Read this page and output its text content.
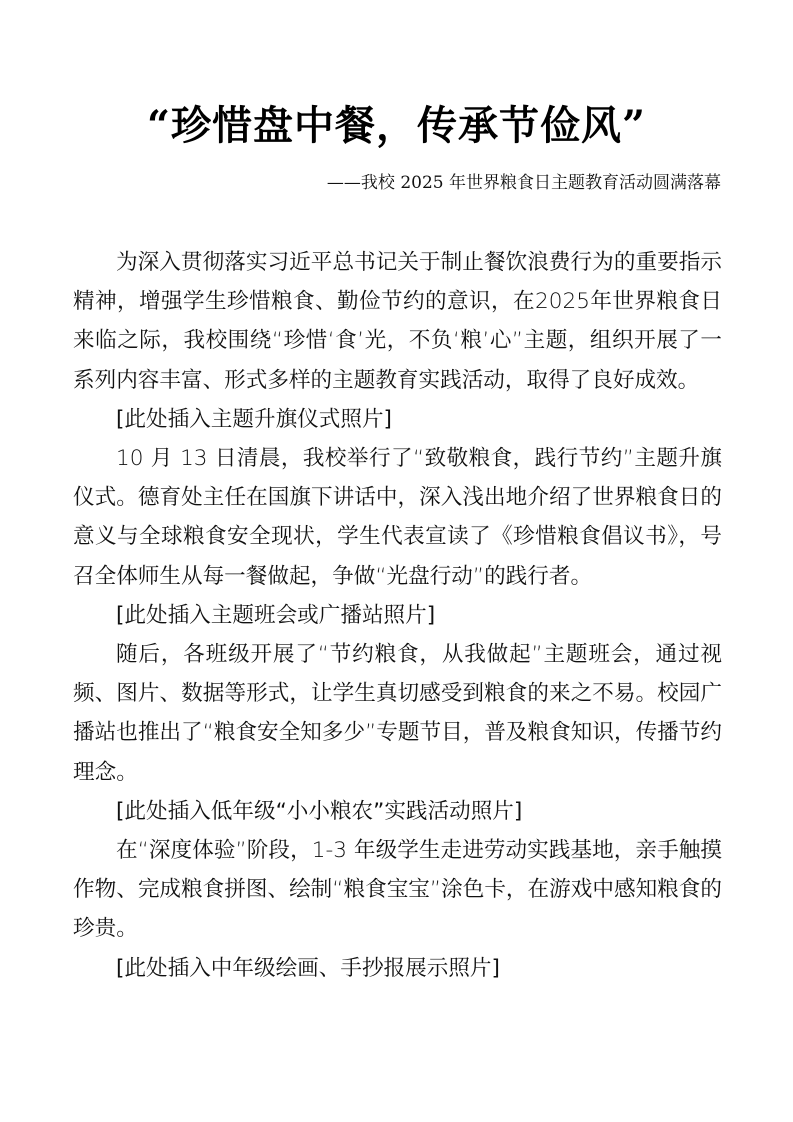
“珍惜盘中餐，传承节俭风”

——我校 2025 年世界粮食日主题教育活动圆满落幕

为深入贯彻落实习近平总书记关于制止餐饮浪费行为的重要指示精神，增强学生珍惜粮食、勤俭节约的意识，在2025年世界粮食日来临之际，我校围绕“珍惜‘食’光，不负‘粮’心”主题，组织开展了一系列内容丰富、形式多样的主题教育实践活动，取得了良好成效。

[此处插入主题升旗仪式照片]

10 月 13 日清晨，我校举行了“致敬粮食，践行节约”主题升旗仪式。德育处主任在国旗下讲话中，深入浅出地介绍了世界粮食日的意义与全球粮食安全现状，学生代表宣读了《珍惜粮食倡议书》，号召全体师生从每一餐做起，争做“光盘行动”的践行者。

[此处插入主题班会或广播站照片]

随后，各班级开展了“节约粮食，从我做起”主题班会，通过视频、图片、数据等形式，让学生真切感受到粮食的来之不易。校园广播站也推出了“粮食安全知多少”专题节目，普及粮食知识，传播节约理念。

[此处插入低年级“小小粮农”实践活动照片]

在“深度体验”阶段，1-3 年级学生走进劳动实践基地，亲手触摸作物、完成粮食拼图、绘制“粮食宝宝”涂色卡，在游戏中感知粮食的珍贵。

[此处插入中年级绘画、手抄报展示照片]
